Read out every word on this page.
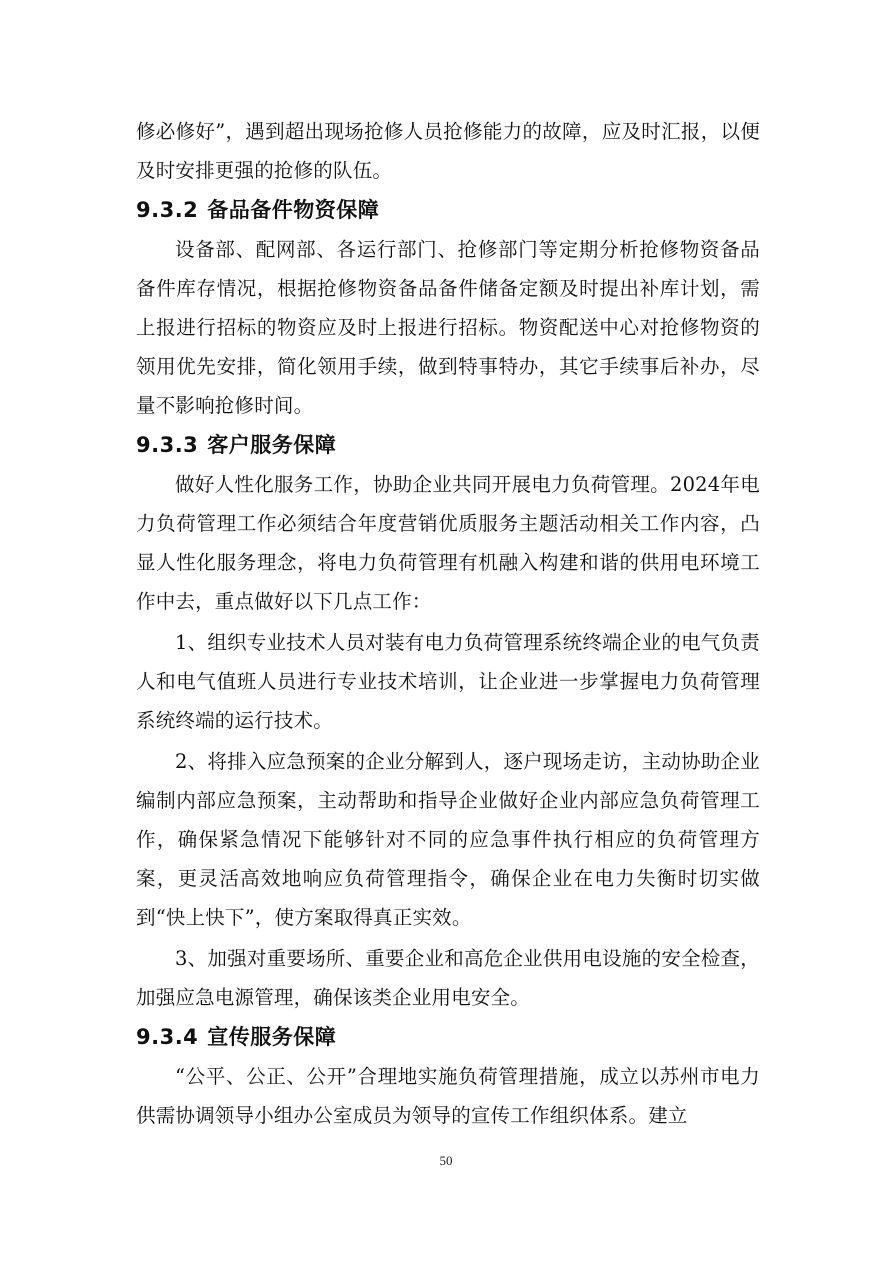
修必修好”，遇到超出现场抢修人员抢修能力的故障，应及时汇报，以便及时安排更强的抢修的队伍。

9.3.2 备品备件物资保障

设备部、配网部、各运行部门、抢修部门等定期分析抢修物资备品备件库存情况，根据抢修物资备品备件储备定额及时提出补库计划，需上报进行招标的物资应及时上报进行招标。物资配送中心对抢修物资的领用优先安排，简化领用手续，做到特事特办，其它手续事后补办，尽量不影响抢修时间。

9.3.3 客户服务保障

做好人性化服务工作，协助企业共同开展电力负荷管理。2024年电力负荷管理工作必须结合年度营销优质服务主题活动相关工作内容，凸显人性化服务理念，将电力负荷管理有机融入构建和谐的供用电环境工作中去，重点做好以下几点工作：

1、组织专业技术人员对装有电力负荷管理系统终端企业的电气负责人和电气值班人员进行专业技术培训，让企业进一步掌握电力负荷管理系统终端的运行技术。

2、将排入应急预案的企业分解到人，逐户现场走访，主动协助企业编制内部应急预案，主动帮助和指导企业做好企业内部应急负荷管理工作，确保紧急情况下能够针对不同的应急事件执行相应的负荷管理方案，更灵活高效地响应负荷管理指令，确保企业在电力失衡时切实做到“快上快下”，使方案取得真正实效。

3、加强对重要场所、重要企业和高危企业供用电设施的安全检查，加强应急电源管理，确保该类企业用电安全。

9.3.4 宣传服务保障

“公平、公正、公开”合理地实施负荷管理措施，成立以苏州市电力供需协调领导小组办公室成员为领导的宣传工作组织体系。建立

50
